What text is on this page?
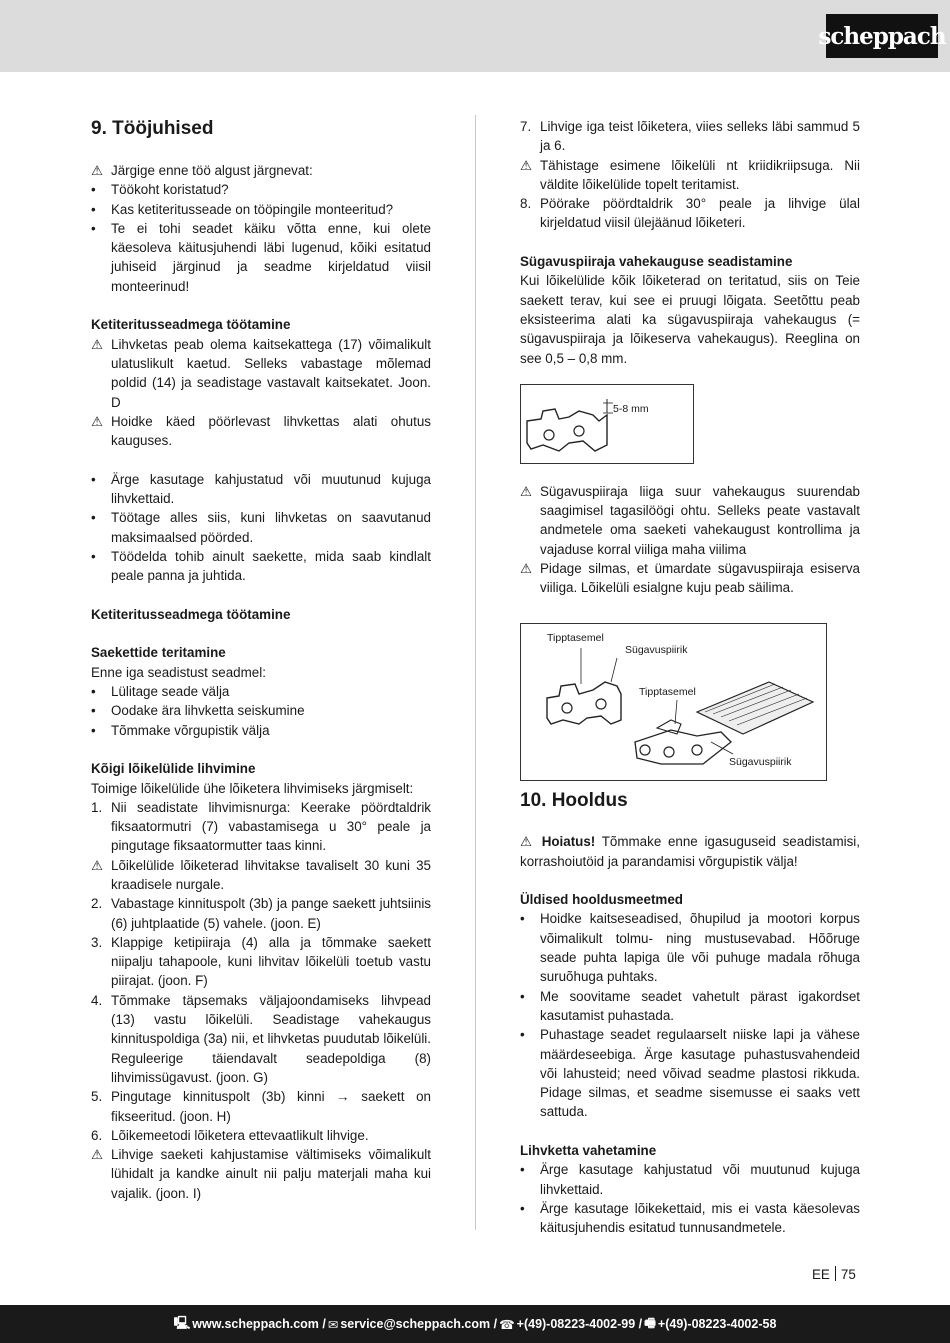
scheppach
9. Tööjuhised
⚠ Järgige enne töö algust järgnevat:
•	Töökoht koristatud?
•	Kas ketiteritusseade on tööpingile monteeritud?
•	Te ei tohi seadet käiku võtta enne, kui olete käesoleva käitusjuhendi läbi lugenud, kõiki esitatud juhiseid järginud ja seadme kirjeldatud viisil monteerinud!

Ketiteritusseadmega töötamine

⚠ Lihvketas peab olema kaitsekattega (17) võimalikult ulatuslikult kaetud. Selleks vabastage mõlemad poldid (14) ja seadistage vastavalt kaitsekatet. Joon. D
⚠ Hoidke käed pöörlevast lihvkettas alati ohutus kauguses.
•	Ärge kasutage kahjustatud või muutunud kujuga lihvkettaid.
•	Töötage alles siis, kuni lihvketas on saavutanud maksimaalsed pöörded.
•	Töödelda tohib ainult saekette, mida saab kindlalt peale panna ja juhtida.

Ketiteritusseadmega töötamine

Saekettide teritamine

Enne iga seadistust seadmel:

•	Lülitage seade välja
•	Oodake ära lihvketta seiskumine
•	Tõmmake võrgupistik välja

Kõigi lõikelülide lihvimine

Toimige lõikelülide ühe lõiketera lihvimiseks järgmiselt:

1. Nii seadistate lihvimisnurga: Keerake pöördtaldrik fiksaatormutri (7) vabastamisega u 30° peale ja pingutage fiksaatormutter taas kinni.
⚠ Lõikelülide lõiketerad lihvitakse tavaliselt 30 kuni 35 kraadisele nurgale.
2. Vabastage kinnituspolt (3b) ja pange saekett juhtsiinis (6) juhtplaatide (5) vahele. (joon. E)
3. Klappige ketipiiraja (4) alla ja tõmmake saekett niipalju tahapoole, kuni lihvitav lõikelüli toetub vastu piirajat. (joon. F)
4. Tõmmake täpsemaks väljajoondamiseks lihvpead (13) vastu lõikelüli. Seadistage vahekaugus kinnituspoldiga (3a) nii, et lihvketas puudutab lõikelüli. Reguleerige täiendavalt seadepoldiga (8) lihvimissügavust. (joon. G)
5. Pingutage kinnituspolt (3b) kinni → saekett on fikseeritud. (joon. H)
6. Lõikemeetodi lõiketera ettevaatlikult lihvige.
⚠ Lihvige saeketi kahjustamise vältimiseks võimalikult lühidalt ja kandke ainult nii palju materjali maha kui vajalik. (joon. I)
7. Lihvige iga teist lõiketera, viies selleks läbi sammud 5 ja 6.
⚠ Tähistage esimene lõikelüli nt kriidikriipsuga. Nii väldite lõikelülide topelt teritamist.
8. Pöörake pöördtaldrik 30° peale ja lihvige ülal kirjeldatud viisil ülejäänud lõiketeri.

Sügavuspiiraja vahekauguse seadistamine

Kui lõikelülide kõik lõiketerad on teritatud, siis on Teie saekett terav, kui see ei pruugi lõigata. Seetõttu peab eksisteerima alati ka sügavuspiiraja vahekaugus (= sügavuspiiraja ja lõikeserva vahekaugus). Reeglina on see 0,5 – 0,8 mm.

5-8 mm
⚠ Sügavuspiiraja liiga suur vahekaugus suurendab saagimisel tagasilöögi ohtu. Selleks peate vastavalt andmetele oma saeketi vahekaugust kontrollima ja vajaduse korral viiliga maha viilima
⚠ Pidage silmas, et ümardate sügavuspiiraja esiserva viiliga. Lõikelüli esialgne kuju peab säilima.
Tipptasemel
Sügavuspiirik
Tipptasemel
Sügavuspiirik
10. Hooldus

⚠ Hoiatus! Tõmmake enne igasuguseid seadistamisi, korrashoiutöid ja parandamisi võrgupistik välja!

Üldised hooldusmeetmed

•	Hoidke kaitseseadised, õhupilud ja mootori korpus võimalikult tolmu- ning mustusevabad. Hõõruge seade puhta lapiga üle või puhuge madala rõhuga suruõhuga puhtaks.
•	Me soovitame seadet vahetult pärast igakordset kasutamist puhastada.
•	Puhastage seadet regulaarselt niiske lapi ja vähese määrdeseebiga. Ärge kasutage puhastusvahendeid või lahusteid; need võivad seadme plastosi rikkuda. Pidage silmas, et seadme sisemusse ei saaks vett sattuda.

Lihvketta vahetamine

•	Ärge kasutage kahjustatud või muutunud kujuga lihvkettaid.
•	Ärge kasutage lõikekettaid, mis ei vasta käesolevas käitusjuhendis esitatud tunnusandmetele.
EE 75
🖳 www.scheppach.com / ✉ service@scheppach.com / ☎ +(49)-08223-4002-99 / 🖷 +(49)-08223-4002-58
